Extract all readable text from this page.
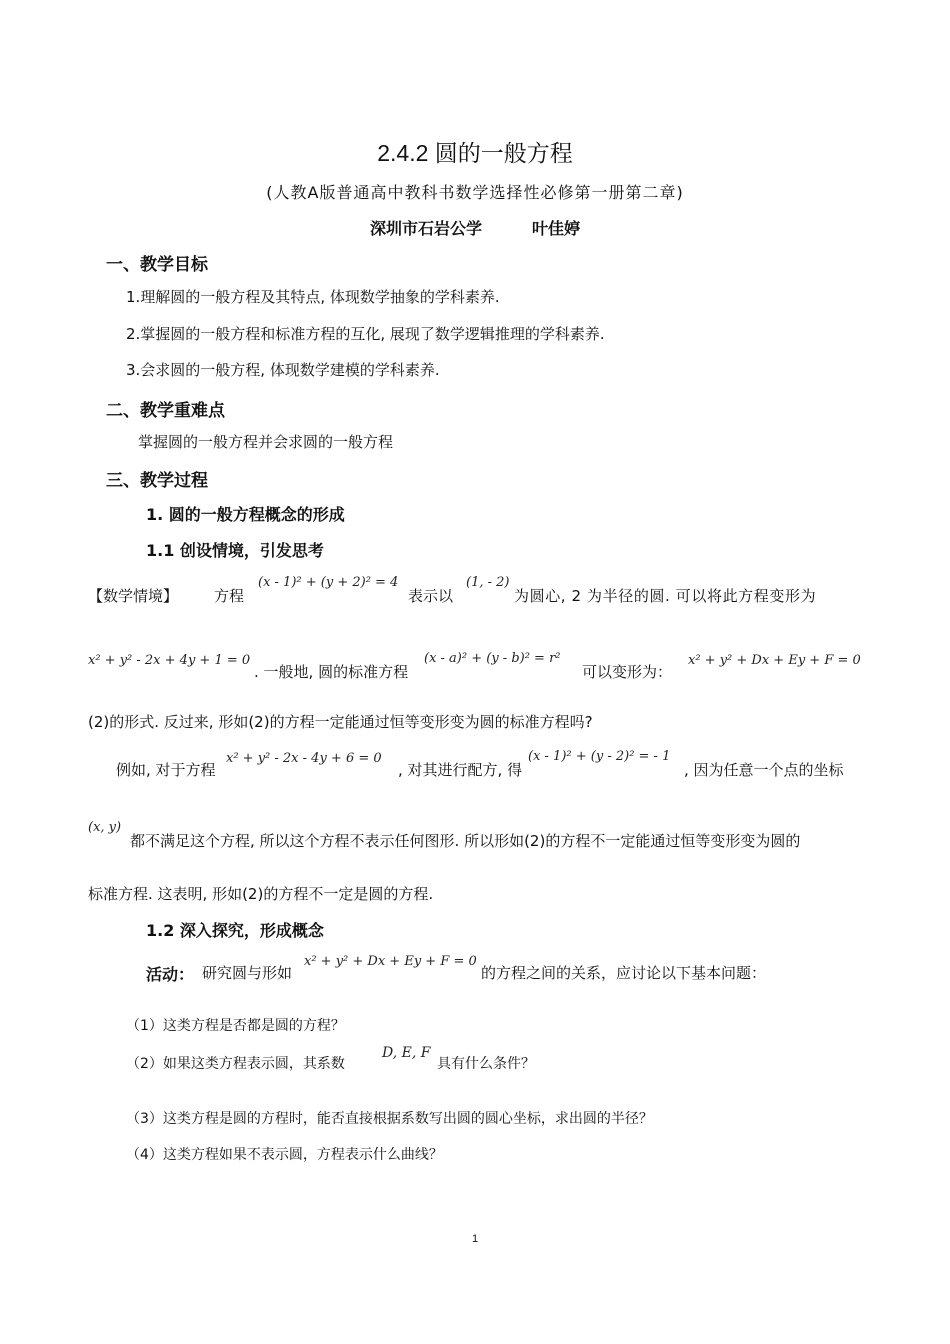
2.4.2 圆的一般方程
(人教A版普通高中教科书数学选择性必修第一册第二章)
深圳市石岩公学	叶佳婷
一、教学目标
1.理解圆的一般方程及其特点, 体现数学抽象的学科素养.
2.掌握圆的一般方程和标准方程的互化, 展现了数学逻辑推理的学科素养.
3.会求圆的一般方程, 体现数学建模的学科素养.
二、教学重难点
掌握圆的一般方程并会求圆的一般方程
三、教学过程
1. 圆的一般方程概念的形成
1.1 创设情境，引发思考
【数学情境】 方程
(x - 1)² + (y + 2)² = 4
表示以
(1, - 2)
为圆心, 2 为半径的圆. 可以将此方程变形为
x² + y² - 2x + 4y + 1 = 0
. 一般地, 圆的标准方程
(x - a)² + (y - b)² = r²
可以变形为：
x² + y² + Dx + Ey + F = 0
(2)的形式. 反过来, 形如(2)的方程一定能通过恒等变形变为圆的标准方程吗?
例如, 对于方程
x² + y² - 2x - 4y + 6 = 0
, 对其进行配方, 得
(x - 1)² + (y - 2)² = - 1
, 因为任意一个点的坐标
(x, y)
都不满足这个方程, 所以这个方程不表示任何图形. 所以形如(2)的方程不一定能通过恒等变形变为圆的
标准方程. 这表明, 形如(2)的方程不一定是圆的方程.
1.2 深入探究，形成概念
活动： 研究圆与形如
x² + y² + Dx + Ey + F = 0
的方程之间的关系，应讨论以下基本问题：
（1）这类方程是否都是圆的方程？
（2）如果这类方程表示圆，其系数
D, E, F
具有什么条件？
（3）这类方程是圆的方程时，能否直接根据系数写出圆的圆心坐标，求出圆的半径？
（4）这类方程如果不表示圆，方程表示什么曲线？
1
